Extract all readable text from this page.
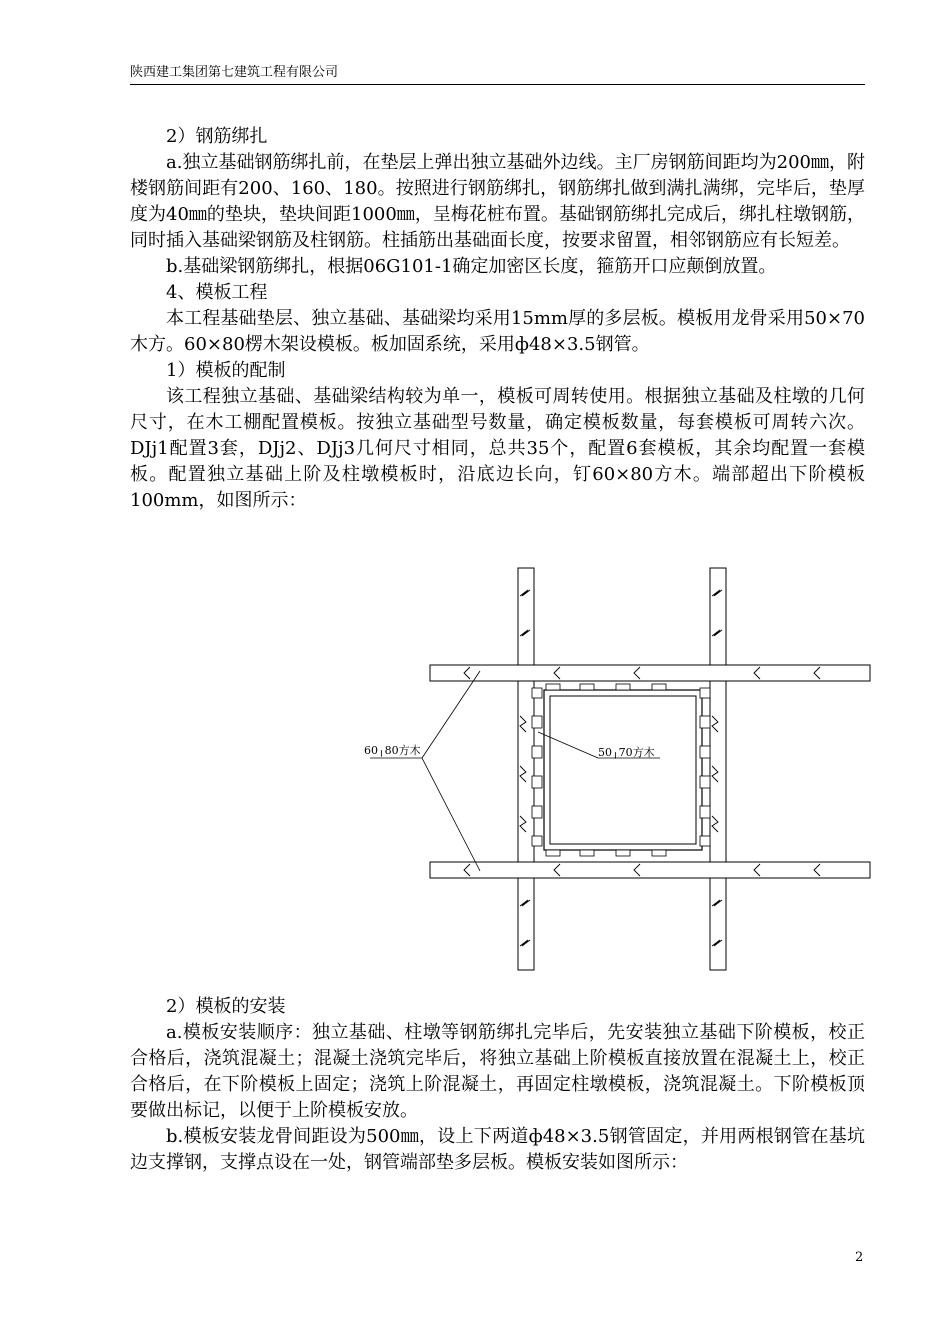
陕西建工集团第七建筑工程有限公司

2）钢筋绑扎

a.独立基础钢筋绑扎前，在垫层上弹出独立基础外边线。主厂房钢筋间距均为200㎜，附楼钢筋间距有200、160、180。按照进行钢筋绑扎，钢筋绑扎做到满扎满绑，完毕后，垫厚度为40㎜的垫块，垫块间距1000㎜，呈梅花桩布置。基础钢筋绑扎完成后，绑扎柱墩钢筋，同时插入基础梁钢筋及柱钢筋。柱插筋出基础面长度，按要求留置，相邻钢筋应有长短差。

b.基础梁钢筋绑扎，根据06G101-1确定加密区长度，箍筋开口应颠倒放置。

4、模板工程

本工程基础垫层、独立基础、基础梁均采用15mm厚的多层板。模板用龙骨采用50×70木方。60×80楞木架设模板。板加固系统，采用ф48×3.5钢管。

1）模板的配制

该工程独立基础、基础梁结构较为单一，模板可周转使用。根据独立基础及柱墩的几何尺寸，在木工棚配置模板。按独立基础型号数量，确定模板数量，每套模板可周转六次。DJj1配置3套，DJj2、DJj3几何尺寸相同，总共35个，配置6套模板，其余均配置一套模板。配置独立基础上阶及柱墩模板时，沿底边长向，钉60×80方木。端部超出下阶模板100mm，如图所示：

60╷80方木	50╷70方木

2）模板的安装

a.模板安装顺序：独立基础、柱墩等钢筋绑扎完毕后，先安装独立基础下阶模板，校正合格后，浇筑混凝土；混凝土浇筑完毕后，将独立基础上阶模板直接放置在混凝土上，校正合格后，在下阶模板上固定；浇筑上阶混凝土，再固定柱墩模板，浇筑混凝土。下阶模板顶要做出标记，以便于上阶模板安放。

b.模板安装龙骨间距设为500㎜，设上下两道ф48×3.5钢管固定，并用两根钢管在基坑边支撑钢，支撑点设在一处，钢管端部垫多层板。模板安装如图所示：

2
